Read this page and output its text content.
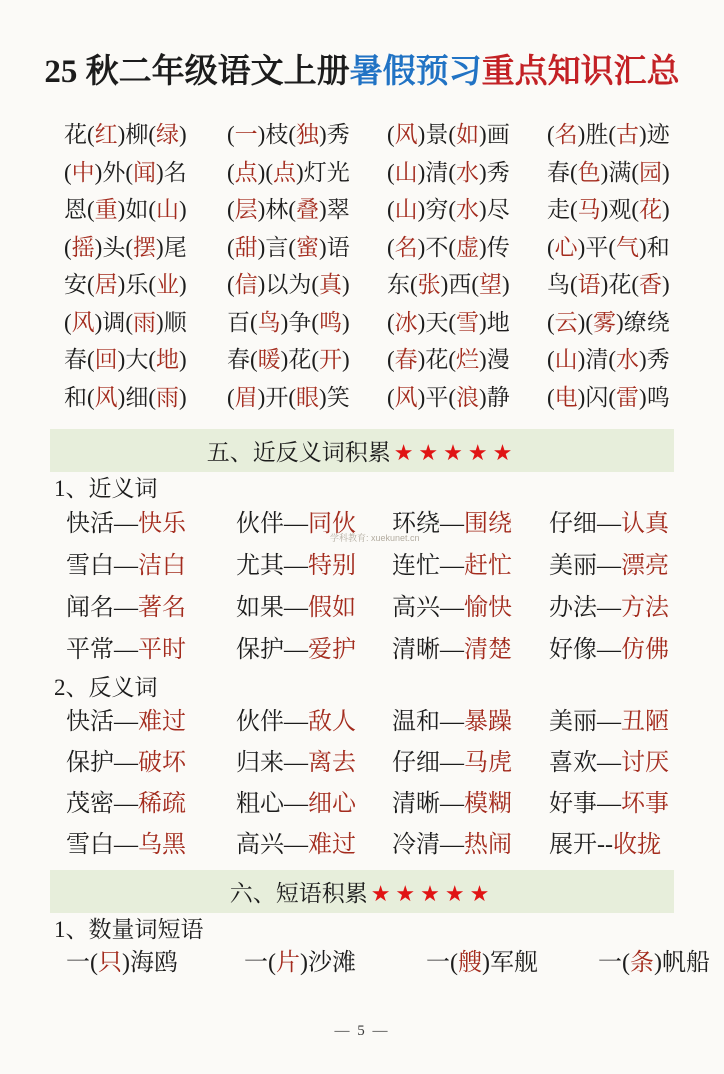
25 秋二年级语文上册暑假预习重点知识汇总
花(红)柳(绿)	(一)枝(独)秀	(风)景(如)画	(名)胜(古)迹
(中)外(闻)名	(点)(点)灯光	(山)清(水)秀	春(色)满(园)
恩(重)如(山)	(层)林(叠)翠	(山)穷(水)尽	走(马)观(花)
(摇)头(摆)尾	(甜)言(蜜)语	(名)不(虚)传	(心)平(气)和
安(居)乐(业)	(信)以为(真)	东(张)西(望)	鸟(语)花(香)
(风)调(雨)顺	百(鸟)争(鸣)	(冰)天(雪)地	(云)(雾)缭绕
春(回)大(地)	春(暖)花(开)	(春)花(烂)漫	(山)清(水)秀
和(风)细(雨)	(眉)开(眼)笑	(风)平(浪)静	(电)闪(雷)鸣
五、近反义词积累 ★★★★★
1、近义词
快活—快乐	伙伴—同伙	环绕—围绕	仔细—认真
雪白—洁白	尤其—特别	连忙—赶忙	美丽—漂亮
闻名—著名	如果—假如	高兴—愉快	办法—方法
平常—平时	保护—爱护	清晰—清楚	好像—仿佛
2、反义词
快活—难过	伙伴—敌人	温和—暴躁	美丽—丑陋
保护—破坏	归来—离去	仔细—马虎	喜欢—讨厌
茂密—稀疏	粗心—细心	清晰—模糊	好事—坏事
雪白—乌黑	高兴—难过	冷清—热闹	展开--收拢
六、短语积累 ★★★★★
1、数量词短语
一(只)海鸥	一(片)沙滩	一(艘)军舰	一(条)帆船
学科教育: xuekunet.cn
— 5 —
